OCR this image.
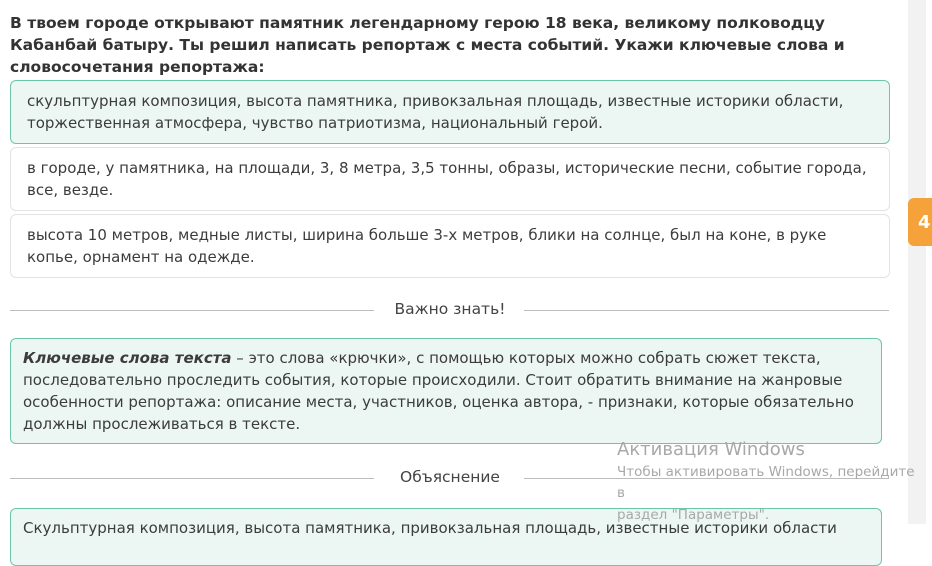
В твоем городе открывают памятник легендарному герою 18 века, великому полководцу Кабанбай батыру. Ты решил написать репортаж с места событий. Укажи ключевые слова и словосочетания репортажа:
скульптурная композиция, высота памятника, привокзальная площадь, известные историки области, торжественная атмосфера, чувство патриотизма, национальный герой.
в городе, у памятника, на площади, 3, 8 метра, 3,5 тонны, образы, исторические песни, событие города, все, везде.
высота 10 метров, медные листы, ширина больше 3-х метров, блики на солнце, был на коне, в руке копье, орнамент на одежде.
Важно знать!
Ключевые слова текста – это слова «крючки», с помощью которых можно собрать сюжет текста, последовательно проследить события, которые происходили. Стоит обратить внимание на жанровые особенности репортажа: описание места, участников, оценка автора, - признаки, которые обязательно должны прослеживаться в тексте.
Объяснение
Скульптурная композиция, высота памятника, привокзальная площадь, известные историки области
4
Активация Windows
Чтобы активировать Windows, перейдите в
раздел "Параметры".
